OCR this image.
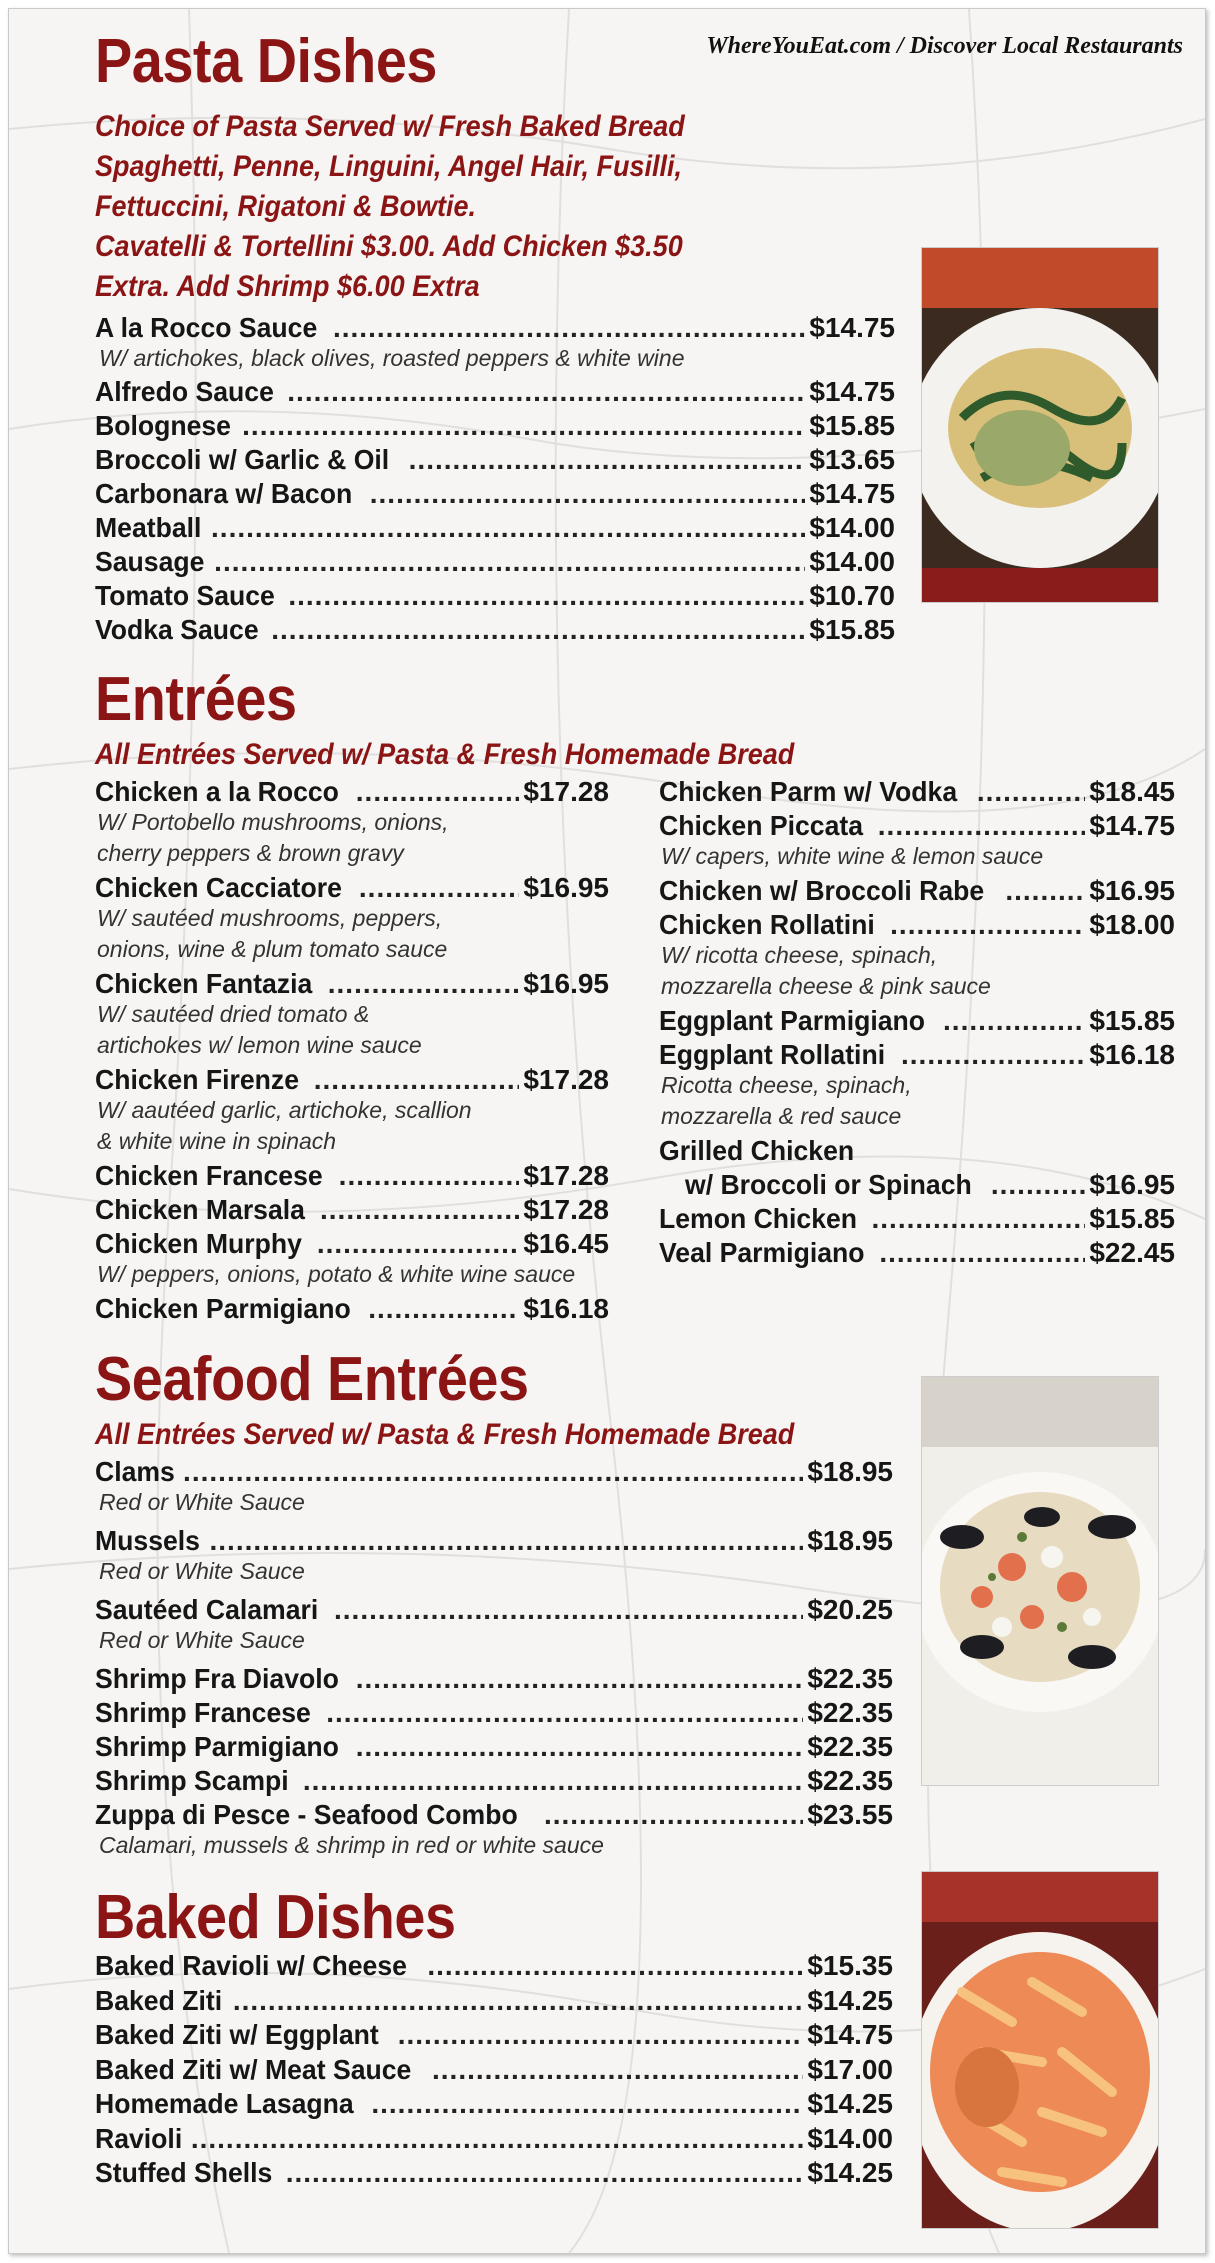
WhereYouEat.com / Discover Local Restaurants
Pasta Dishes
Choice of Pasta Served w/ Fresh Baked Bread
Spaghetti, Penne, Linguini, Angel Hair, Fusilli,
Fettuccini, Rigatoni & Bowtie.
Cavatelli & Tortellini $3.00. Add Chicken $3.50
Extra. Add Shrimp $6.00 Extra
A la Rocco Sauce .....	$14.75
W/ artichokes, black olives, roasted peppers & white wine
Alfredo Sauce .....	$14.75
Bolognese .....	$15.85
Broccoli w/ Garlic & Oil .....	$13.65
Carbonara w/ Bacon .....	$14.75
Meatball .....	$14.00
Sausage .....	$14.00
Tomato Sauce .....	$10.70
Vodka Sauce .....	$15.85
Entrées
All Entrées Served w/ Pasta & Fresh Homemade Bread
Chicken a la Rocco .....	$17.28
W/ Portobello mushrooms, onions,
cherry peppers & brown gravy
Chicken Cacciatore .....	$16.95
W/ sautéed mushrooms, peppers,
onions, wine & plum tomato sauce
Chicken Fantazia .....	$16.95
W/ sautéed dried tomato &
artichokes w/ lemon wine sauce
Chicken Firenze .....	$17.28
W/ aautéed garlic, artichoke, scallion
& white wine in spinach
Chicken Francese .....	$17.28
Chicken Marsala .....	$17.28
Chicken Murphy .....	$16.45
W/ peppers, onions, potato & white wine sauce
Chicken Parmigiano .....	$16.18
Chicken Parm w/ Vodka .....	$18.45
Chicken Piccata .....	$14.75
W/ capers, white wine & lemon sauce
Chicken w/ Broccoli Rabe .....	$16.95
Chicken Rollatini .....	$18.00
W/ ricotta cheese, spinach,
mozzarella cheese & pink sauce
Eggplant Parmigiano .....	$15.85
Eggplant Rollatini .....	$16.18
Ricotta cheese, spinach,
mozzarella & red sauce
Grilled Chicken
w/ Broccoli or Spinach .....	$16.95
Lemon Chicken .....	$15.85
Veal Parmigiano .....	$22.45
Seafood Entrées
All Entrées Served w/ Pasta & Fresh Homemade Bread
Clams .....	$18.95
Red or White Sauce
Mussels .....	$18.95
Red or White Sauce
Sautéed Calamari .....	$20.25
Red or White Sauce
Shrimp Fra Diavolo .....	$22.35
Shrimp Francese .....	$22.35
Shrimp Parmigiano .....	$22.35
Shrimp Scampi .....	$22.35
Zuppa di Pesce - Seafood Combo .....	$23.55
Calamari, mussels & shrimp in red or white sauce
Baked Dishes
Baked Ravioli w/ Cheese .....	$15.35
Baked Ziti .....	$14.25
Baked Ziti w/ Eggplant .....	$14.75
Baked Ziti w/ Meat Sauce .....	$17.00
Homemade Lasagna .....	$14.25
Ravioli .....	$14.00
Stuffed Shells .....	$14.25
